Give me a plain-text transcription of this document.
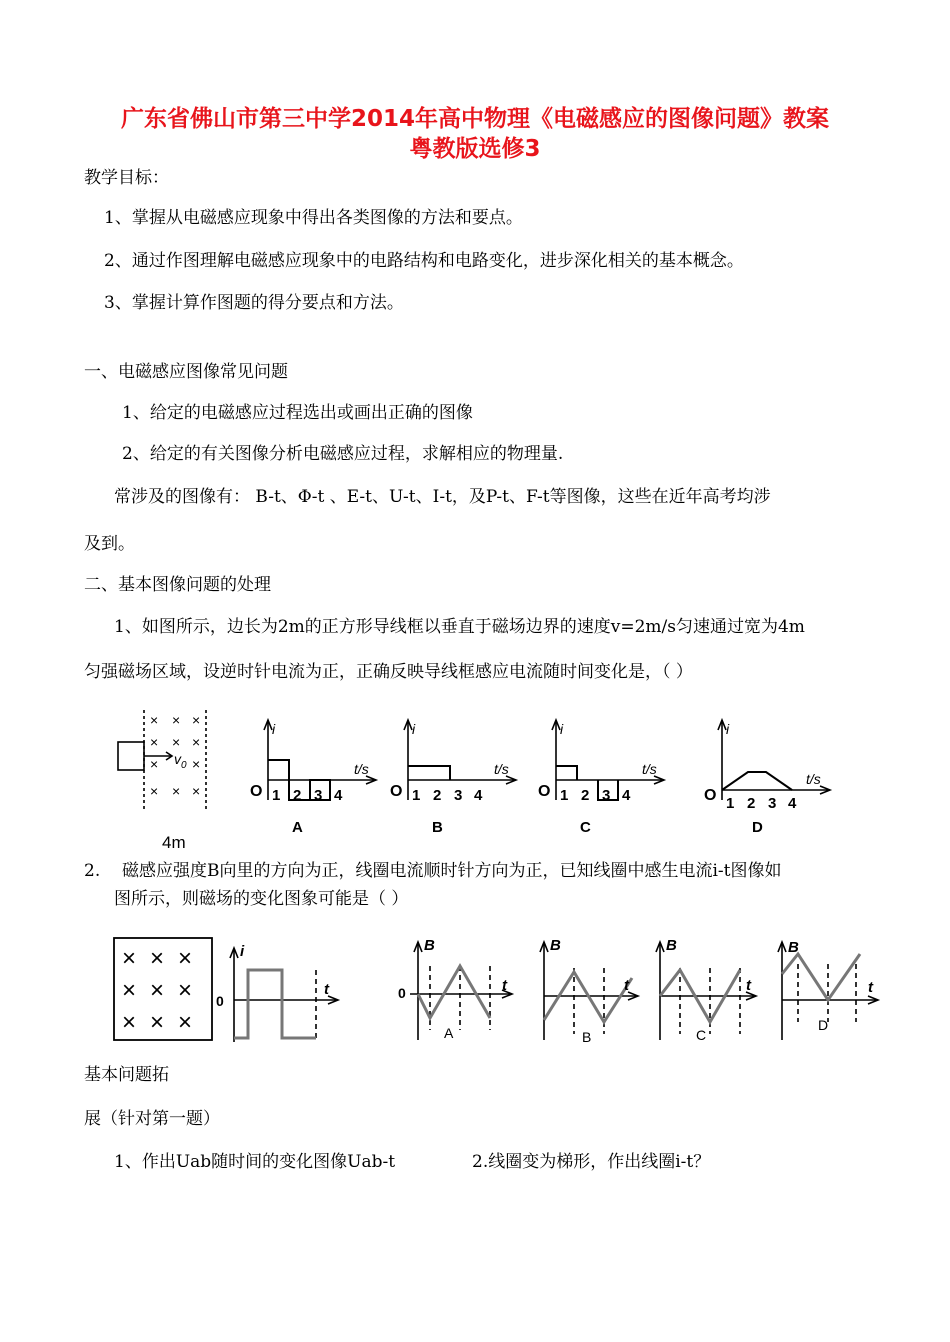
广东省佛山市第三中学2014年高中物理《电磁感应的图像问题》教案
粤教版选修3
教学目标：
1、掌握从电磁感应现象中得出各类图像的方法和要点。
2、通过作图理解电磁感应现象中的电路结构和电路变化，进步深化相关的基本概念。
3、掌握计算作图题的得分要点和方法。
一、电磁感应图像常见问题
1、给定的电磁感应过程选出或画出正确的图像
2、给定的有关图像分析电磁感应过程，求解相应的物理量.
常涉及的图像有： B-t、Φ-t 、E-t、U-t、I-t，及P-t、F-t等图像，这些在近年高考均涉
及到。
二、基本图像问题的处理
1、如图所示，边长为2m的正方形导线框以垂直于磁场边界的速度v=2m/s匀速通过宽为4m
匀强磁场区域，设逆时针电流为正，正确反映导线框感应电流随时间变化是，（ ）
× × ×
× × ×
× ×
× × ×
$v_0$
4m
i
O
t/s
1 2 3 4
A
i
O
t/s
1 2 3 4
B
i
O
t/s
1 2 3 4
C
i
O
t/s
1 2 3 4
D
2. 磁感应强度B向里的方向为正，线圈电流顺时针方向为正，已知线圈中感生电流i-t图像如
图所示，则磁场的变化图象可能是（ ）
× × ×
× × ×
× × ×
i
0
t
B
0	t
A
B
t
B
B
t
C
B
t
D
基本问题拓
展（针对第一题）
1、作出Uab随时间的变化图像Uab-t	2.线圈变为梯形，作出线圈i-t？
